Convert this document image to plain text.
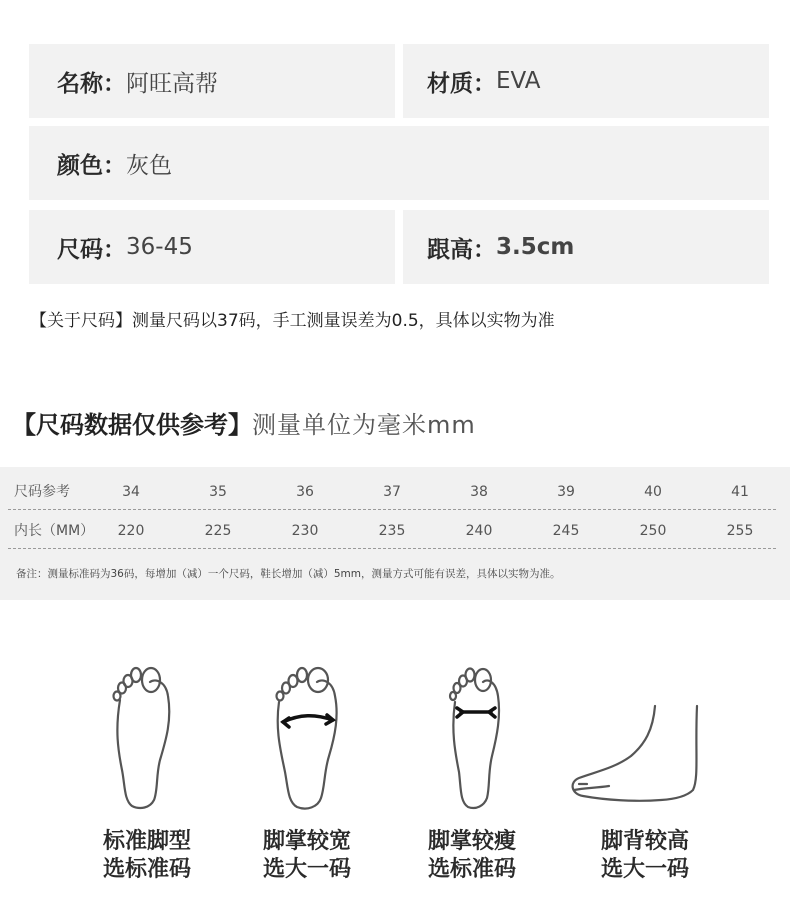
名称： 阿旺高帮	材质： EVA
颜色： 灰色
尺码： 36-45	跟高： 3.5cm
【关于尺码】测量尺码以37码，手工测量误差为0.5，具体以实物为准
【尺码数据仅供参考】测量单位为毫米mm
尺码参考	34	35	36	37	38	39	40	41
内长（MM）	220	225	230	235	240	245	250	255
备注：测量标准码为36码，每增加（减）一个尺码，鞋长增加（减）5mm，测量方式可能有误差，具体以实物为准。
标准脚型
选标准码
脚掌较宽
选大一码
脚掌较瘦
选标准码
脚背较高
选大一码
